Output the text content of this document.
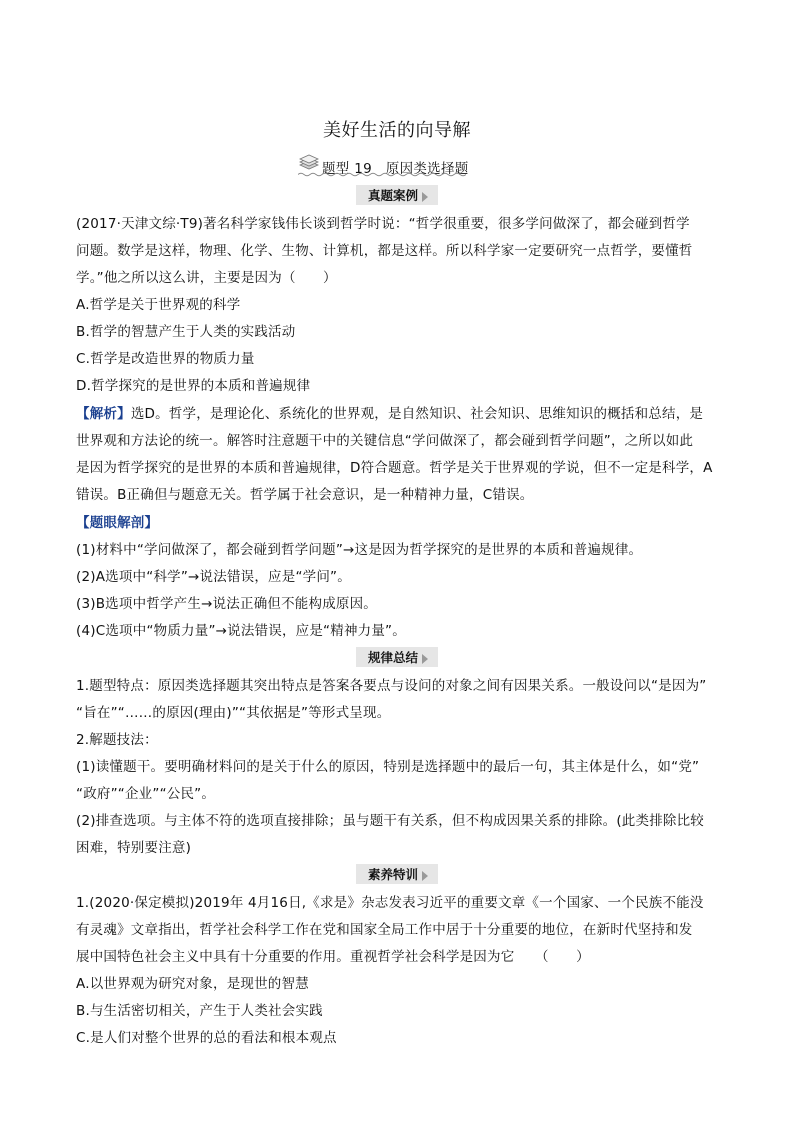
美好生活的向导解
题型 19　原因类选择题
真题案例
(2017·天津文综·T9)著名科学家钱伟长谈到哲学时说：“哲学很重要，很多学问做深了，都会碰到哲学
问题。数学是这样，物理、化学、生物、计算机，都是这样。所以科学家一定要研究一点哲学，要懂哲
学。”他之所以这么讲，主要是因为（　　）
A.哲学是关于世界观的科学
B.哲学的智慧产生于人类的实践活动
C.哲学是改造世界的物质力量
D.哲学探究的是世界的本质和普遍规律
【解析】选D。哲学，是理论化、系统化的世界观，是自然知识、社会知识、思维知识的概括和总结，是
世界观和方法论的统一。解答时注意题干中的关键信息“学问做深了，都会碰到哲学问题”，之所以如此
是因为哲学探究的是世界的本质和普遍规律，D符合题意。哲学是关于世界观的学说，但不一定是科学，A
错误。B正确但与题意无关。哲学属于社会意识，是一种精神力量，C错误。
【题眼解剖】
(1)材料中“学问做深了，都会碰到哲学问题”→这是因为哲学探究的是世界的本质和普遍规律。
(2)A选项中“科学”→说法错误，应是“学问”。
(3)B选项中哲学产生→说法正确但不能构成原因。
(4)C选项中“物质力量”→说法错误，应是“精神力量”。
规律总结
1.题型特点：原因类选择题其突出特点是答案各要点与设问的对象之间有因果关系。一般设问以“是因为”
“旨在”“……的原因(理由)”“其依据是”等形式呈现。
2.解题技法：
(1)读懂题干。要明确材料问的是关于什么的原因，特别是选择题中的最后一句，其主体是什么，如“党”
“政府”“企业”“公民”。
(2)排查选项。与主体不符的选项直接排除；虽与题干有关系，但不构成因果关系的排除。(此类排除比较
困难，特别要注意)
素养特训
1.(2020·保定模拟)2019年 4月16日,《求是》杂志发表习近平的重要文章《一个国家、一个民族不能没
有灵魂》文章指出，哲学社会科学工作在党和国家全局工作中居于十分重要的地位，在新时代坚持和发
展中国特色社会主义中具有十分重要的作用。重视哲学社会科学是因为它　　（　　）
A.以世界观为研究对象，是现世的智慧
B.与生活密切相关，产生于人类社会实践
C.是人们对整个世界的总的看法和根本观点
